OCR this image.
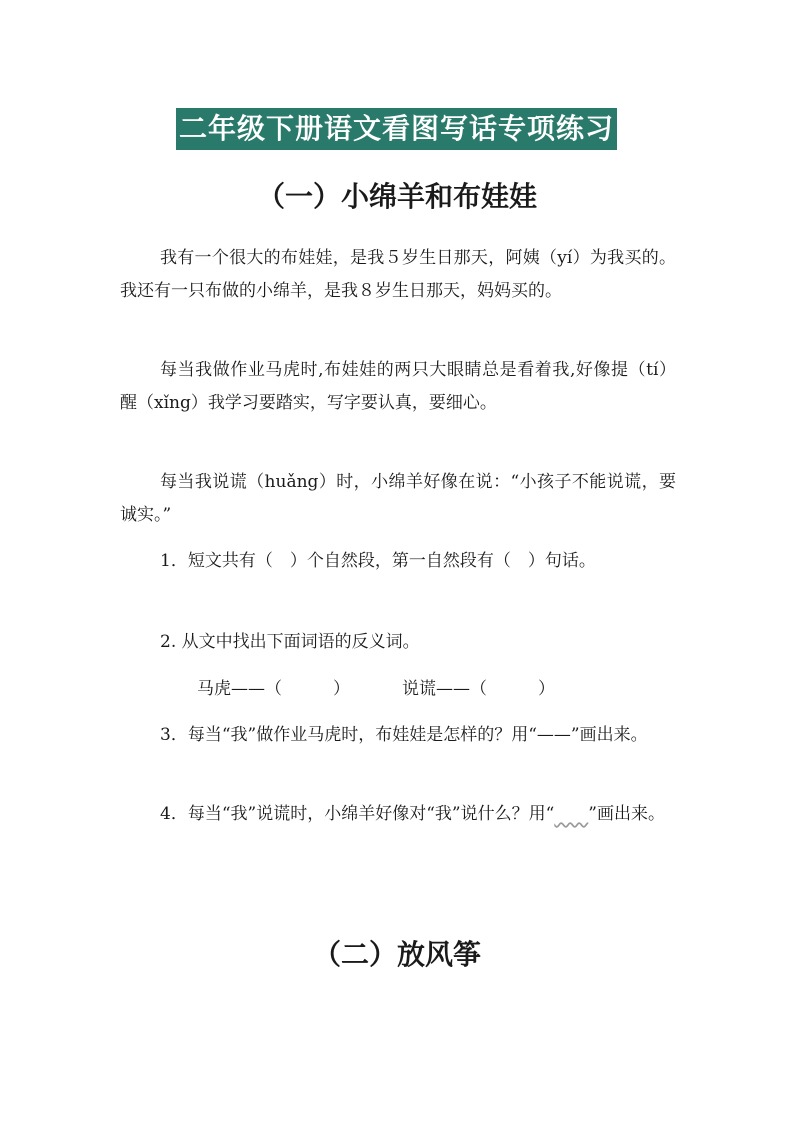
二年级下册语文看图写话专项练习
（一）小绵羊和布娃娃
我有一个很大的布娃娃，是我５岁生日那天，阿姨（yí）为我买的。我还有一只布做的小绵羊，是我８岁生日那天，妈妈买的。
每当我做作业马虎时,布娃娃的两只大眼睛总是看着我,好像提（tí）醒（xǐng）我学习要踏实，写字要认真，要细心。
每当我说谎（huǎng）时，小绵羊好像在说：“小孩子不能说谎，要诚实。”
1．短文共有（　）个自然段，第一自然段有（　）句话。
2. 从文中找出下面词语的反义词。
马虎——（　　　）	说谎——（　　　）
3．每当“我”做作业马虎时，布娃娃是怎样的？用“——”画出来。
4．每当“我”说谎时，小绵羊好像对“我”说什么？用“　　 ”画出来。
（二）放风筝
